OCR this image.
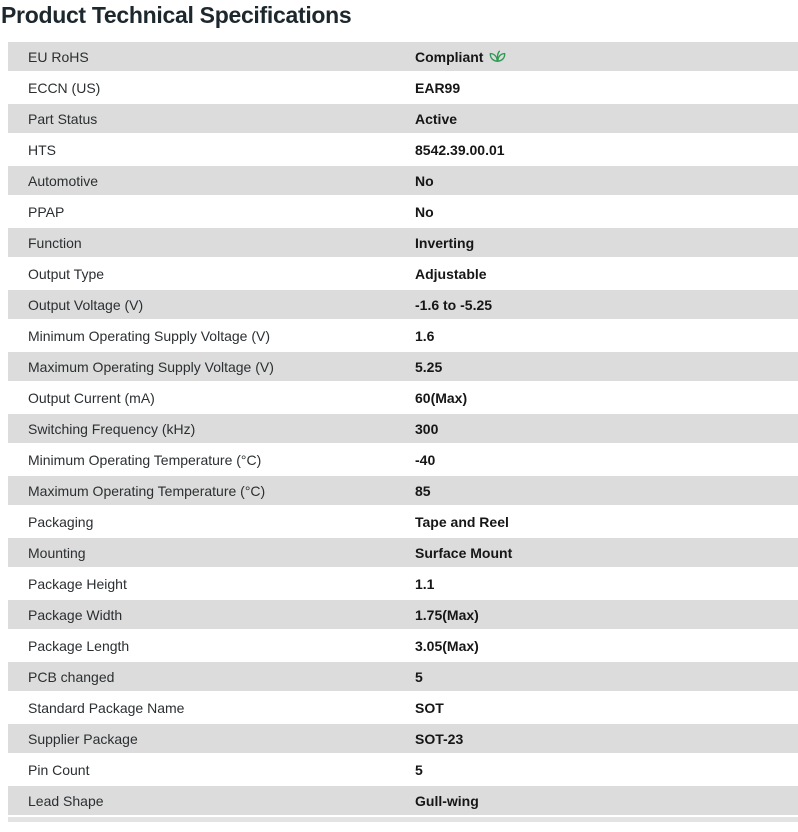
Product Technical Specifications
EU RoHS	Compliant
ECCN (US)	EAR99
Part Status	Active
HTS	8542.39.00.01
Automotive	No
PPAP	No
Function	Inverting
Output Type	Adjustable
Output Voltage (V)	-1.6 to -5.25
Minimum Operating Supply Voltage (V)	1.6
Maximum Operating Supply Voltage (V)	5.25
Output Current (mA)	60(Max)
Switching Frequency (kHz)	300
Minimum Operating Temperature (°C)	-40
Maximum Operating Temperature (°C)	85
Packaging	Tape and Reel
Mounting	Surface Mount
Package Height	1.1
Package Width	1.75(Max)
Package Length	3.05(Max)
PCB changed	5
Standard Package Name	SOT
Supplier Package	SOT-23
Pin Count	5
Lead Shape	Gull-wing
